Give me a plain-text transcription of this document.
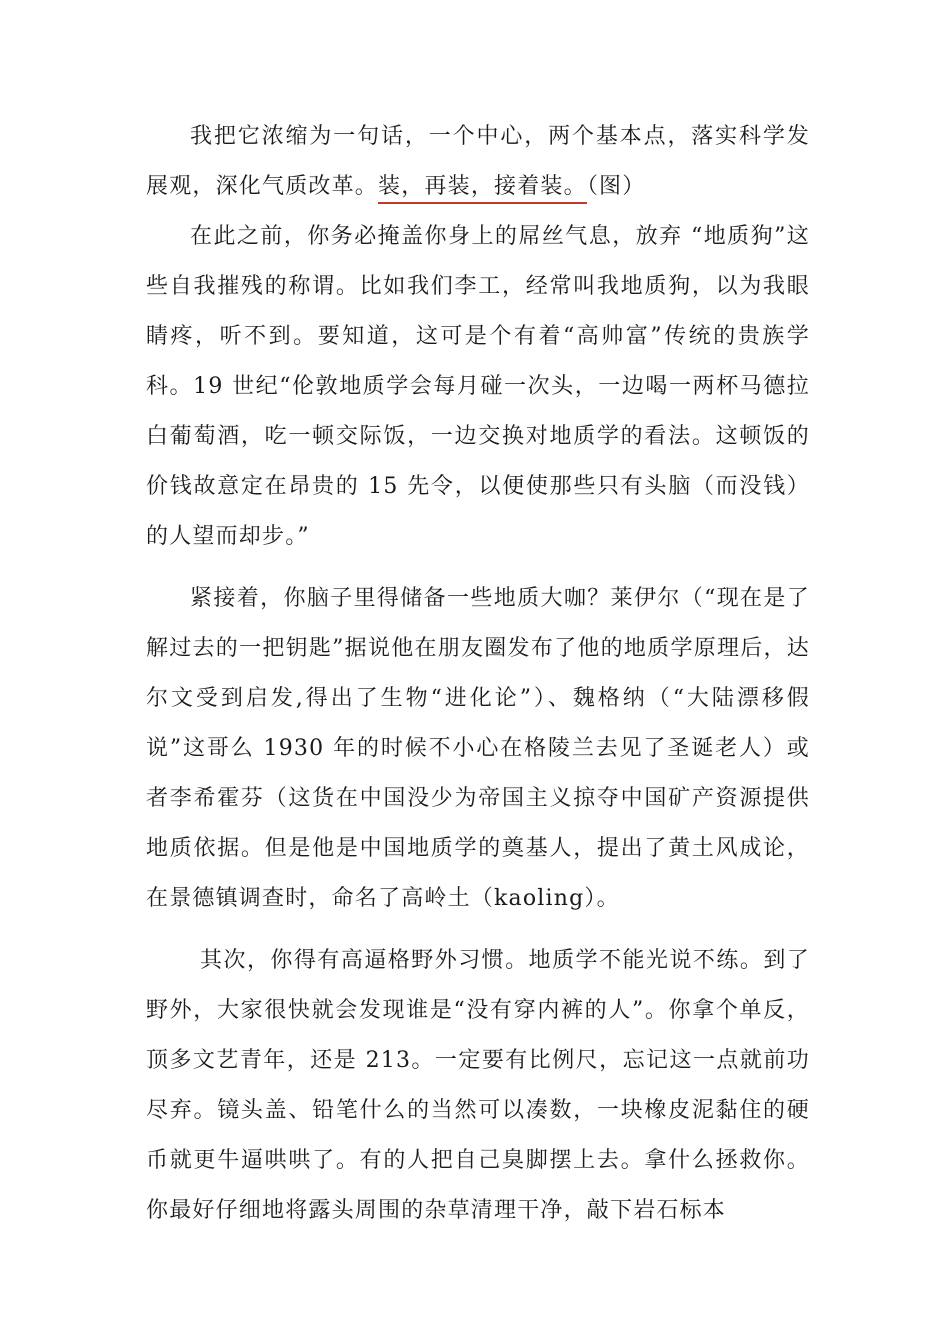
我把它浓缩为一句话，一个中心，两个基本点，落实科学发展观，深化气质改革。装，再装，接着装。（图）

在此之前，你务必掩盖你身上的屌丝气息，放弃 “地质狗”这些自我摧残的称谓。比如我们李工，经常叫我地质狗，以为我眼睛疼，听不到。要知道，这可是个有着“高帅富”传统的贵族学科。19 世纪“伦敦地质学会每月碰一次头，一边喝一两杯马德拉白葡萄酒，吃一顿交际饭，一边交换对地质学的看法。这顿饭的价钱故意定在昂贵的 15 先令，以便使那些只有头脑（而没钱）的人望而却步。”

紧接着，你脑子里得储备一些地质大咖？莱伊尔（“现在是了解过去的一把钥匙”据说他在朋友圈发布了他的地质学原理后，达尔文受到启发,得出了生物“进化论”）、魏格纳（“大陆漂移假说”这哥么 1930 年的时候不小心在格陵兰去见了圣诞老人）或者李希霍芬（这货在中国没少为帝国主义掠夺中国矿产资源提供地质依据。但是他是中国地质学的奠基人，提出了黄土风成论，在景德镇调查时，命名了高岭土（kaoling）。

其次，你得有高逼格野外习惯。地质学不能光说不练。到了野外，大家很快就会发现谁是“没有穿内裤的人”。你拿个单反，顶多文艺青年，还是 213。一定要有比例尺，忘记这一点就前功尽弃。镜头盖、铅笔什么的当然可以凑数，一块橡皮泥黏住的硬币就更牛逼哄哄了。有的人把自己臭脚摆上去。拿什么拯救你。 你最好仔细地将露头周围的杂草清理干净，敲下岩石标本
